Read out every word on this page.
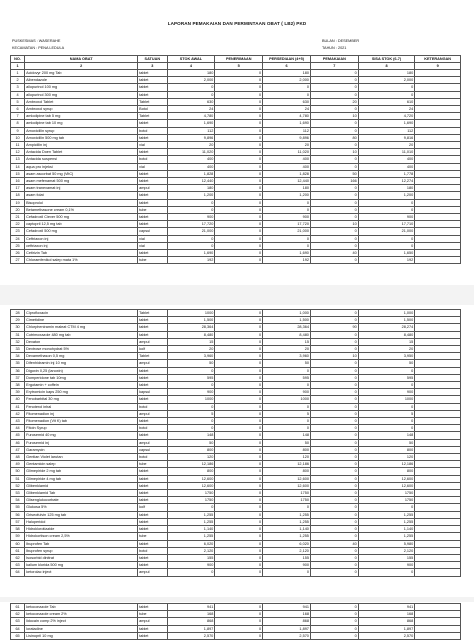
LAPORAN PEMAKAIAN DAN PERMINTAAN OBAT ( LB2) PKD
PUSKESMAS : WASERAHE
KECAMATAN : PENA LEDULA
BULAN : DESEMBER
TAHUN : 2021
NO.	NAMA OBAT	SATUAN	STOK AWAL	PENERIMAAN	PERSEDIAAN (4+5)	PEMAKAIAN	SISA STOK (6-7)	KETERANGAN
1	2	3	4	5	6	7	8	9
1	Acidovyr 200 mg Tab	tablet	180	0	180	0	180	
2	Albendazole	tablet	2,000	0	2,000	0	2,000	
3	allopurinol 100 mg	tablet	0	0	0	0	0	
4	allopurinol 300 mg	tablet	0	0	0	0	0	
5	Ambroxol Tablet	Tablet	630	0	630	20	610	
6	Ambroxol syrup	Botol	24	0	24	0	24	
7	amlodipine tab 5 mg	Tablet	4,780	0	4,780	10	4,720	
8	amlodipine tab 10 mg	tablet	1,690	0	1,690	0	1,690	
9	Amoxicillin syrup	botol	112	0	112	0	112	
10	Amoxicillin 500 mg tab	tablet	9,896	0	9,896	80	9,816	
11	Ampicillin inj	vial	20	0	20	0	20	
12	Antacida Doen Tablet	tablet	11,020	0	11,020	10	11,010	
13	Antacida suspensi	botol	400	0	400	0	400	
14	aqua pro injeksi	vial	400	0	400	0	400	
15	asam ascorbat 50 mg (VitC)	tablet	1,828	0	1,828	50	1,778	
16	asam mefenamat 500 mg	tablet	12,440	0	12,440	166	12,274	
17	asam tranexamat inj	ampul	180	0	180	0	180	
18	asam folat	tablet	1,200	0	1,200	0	1,200	
19	Bisoprolol	tablet	0	0	0	0	0	
20	Betamethasone cream 0,1%	tube	0	0	0	0	0	
21	Cefadroxil Ciever 500 mg	tablet	900	0	900	0	900	
22	captopril 12,5 mg tab	tablet	17,720	0	17,720	10	17,710	
23	Cefadroxil 500 mg	capsul	21,000	0	21,000	0	21,000	
24	Ceftriaxon inj	vial	0	0	0	0	0	
25	ceftriaxon inj	vial	0	0	0	0	0	
26	Cetirizin Tab	tablet	1,690	0	1,690	40	1,650	
27	Chloramfenikol salep mata 1%	tube	192	0	192	0	192	
28	Ciprofloxacin	Tablet	1000	0	1,000	0	1,000	
29	Cimetidine	tablet	1,500	0	1,500	0	1,500	
30	Chlorpheniramin maleat CTM 4 mg	tablet	28,364	0	28,364	90	28,274	
31	Cotrimoxazole 480 mg tab	tablet	8,480	0	8,480	0	8,480	
32	Dexaton	ampul	15	0	15	0	15	
33	Dextrose monohydrat 5%	kolf	20	0	20	0	20	
34	Dexamethason 0,5 mg	Tablet	3,960	0	3,960	10	3,950	
35	Difenhidramin inj 10 mg	ampul	50	0	50	0	50	
36	Digoxin 0,25 (lanoxin)	tablet	0	0	0	0	0	
37	Domperidone tab 10mg	tablet	595	0	595	0	595	
38	Ergotamin + coffein	tablet	0	0	0	0	0	
39	Erytromicin kaps 250 mg	kapsul	900	0	900	0	900	
40	Fenobarbital 30 mg	tablet	1000	0	1000	0	1000	
41	Fenoterol inhal	botol	0	0	0	0	0	
42	Fitomenadion inj	ampul	5	0	5	0	5	
43	Fitomenadion (Vit K) tab	tablet	0	0	0	0	0	
44	FItoin Syrup	botol	0	0	0	0	0	
45	Furosemid 40 mg	tablet	148	0	148	0	148	
46	Furosemid inj	ampul	50	0	50	0	50	
47	Garamycin	capsul	800	0	800	0	800	
48	Gentian Violet larutan	botol	120	0	120	0	120	
49	Gentamicin salep	tube	12,186	0	12,186	0	12,186	
50	Glimepiride 2 mg tab	tablet	800	0	800	0	800	
51	Glimepiride 4 mg tab	tablet	12,600	0	12,600	0	12,600	
52	Glibenklamid	tablet	12,600	0	12,600	0	12,600	
53	Glibenklamid Tab	tablet	1750	0	1750	0	1750	
54	Glisenglukocorbate	tablet	1750	0	1750	0	1750	
55	Glukosa 5%	kolf	0	0	0	0	0	
56	Griseofulvin 125 mg tab	tablet	1,255	0	1,255	0	1,255	
57	Haloperidol	tablet	1,255	0	1,255	0	1,255	
58	Hidroklorotiazide	tablet	1,140	0	1,140	0	1,140	
59	Hidrokortison cream 2,5%	tube	1,255	0	1,255	0	1,255	
60	Ibuprofen Tab	tablet	6,020	0	6,020	40	5,980	
61	Ibuprofen syrup	botol	2,120	0	2,120	0	2,120	
62	Isosorbid dinitrat	tablet	155	0	155	0	155	
63	kalium klorida 500 mg	tablet	900	0	900	0	900	
64	ketorolac inject	ampul	0	0	0	0	0	
61	ketoconazole Tab	tablet	941	0	941	0	941	
62	ketoconazole cream 2%	tube	168	0	168	0	168	
63	lidocain comp 2% inject	ampul	868	0	868	0	868	
64	loratadine	tablet	1,897	0	1,897	0	1,897	
65	Lisinopril 10 mg	tablet	2,570	0	2,570	0	2,570	
